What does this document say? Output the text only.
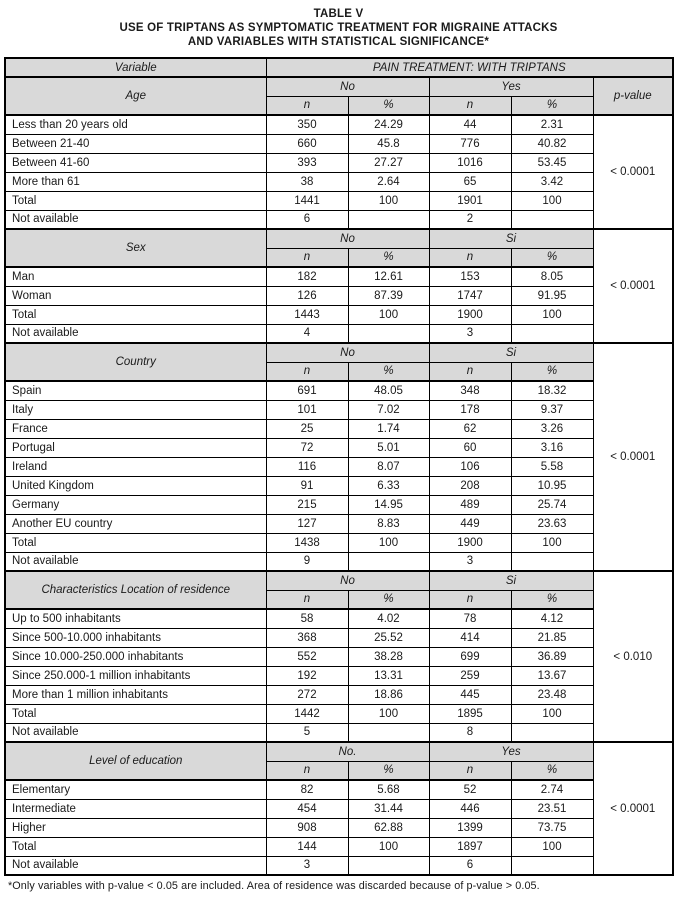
TABLE V
USE OF TRIPTANS AS SYMPTOMATIC TREATMENT FOR MIGRAINE ATTACKS
AND VARIABLES WITH STATISTICAL SIGNIFICANCE*
Variable	PAIN TREATMENT: WITH TRIPTANS				
Age	No		Yes		p-value
	n	%	n	%	
Less than 20 years old	350	24.29	44	2.31	< 0.0001
Between 21-40	660	45.8	776	40.82	
Between 41-60	393	27.27	1016	53.45	
More than 61	38	2.64	65	3.42	
Total	1441	100	1901	100	
Not available	6		2		
Sex	No		Si		< 0.0001
	n	%	n	%	
Man	182	12.61	153	8.05	
Woman	126	87.39	1747	91.95	
Total	1443	100	1900	100	
Not available	4		3		
Country	No		Si		< 0.0001
	n	%	n	%	
Spain	691	48.05	348	18.32	
Italy	101	7.02	178	9.37	
France	25	1.74	62	3.26	
Portugal	72	5.01	60	3.16	
Ireland	116	8.07	106	5.58	
United Kingdom	91	6.33	208	10.95	
Germany	215	14.95	489	25.74	
Another EU country	127	8.83	449	23.63	
Total	1438	100	1900	100	
Not available	9		3		
Characteristics Location of residence	No		Si		< 0.010
	n	%	n	%	
Up to 500 inhabitants	58	4.02	78	4.12	
Since 500-10.000 inhabitants	368	25.52	414	21.85	
Since 10.000-250.000 inhabitants	552	38.28	699	36.89	
Since 250.000-1 million inhabitants	192	13.31	259	13.67	
More than 1 million inhabitants	272	18.86	445	23.48	
Total	1442	100	1895	100	
Not available	5		8		
Level of education	No.		Yes		< 0.0001
	n	%	n	%	
Elementary	82	5.68	52	2.74	
Intermediate	454	31.44	446	23.51	
Higher	908	62.88	1399	73.75	
Total	144	100	1897	100	
Not available	3		6		
*Only variables with p-value < 0.05 are included. Area of residence was discarded because of p-value > 0.05.
